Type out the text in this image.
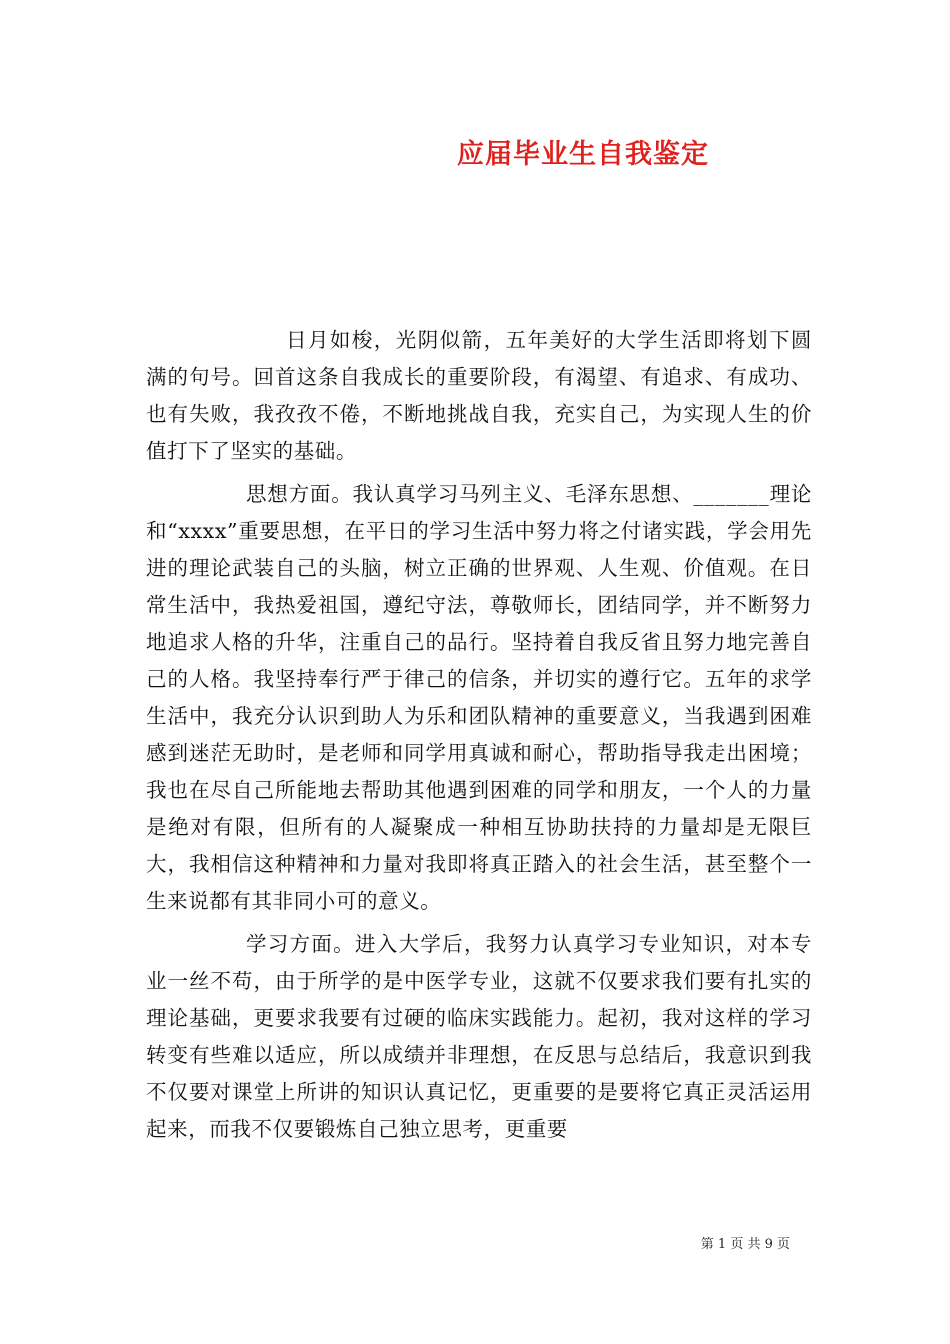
应届毕业生自我鉴定

日月如梭，光阴似箭，五年美好的大学生活即将划下圆满的句号。回首这条自我成长的重要阶段，有渴望、有追求、有成功、也有失败，我孜孜不倦，不断地挑战自我，充实自己，为实现人生的价值打下了坚实的基础。

思想方面。我认真学习马列主义、毛泽东思想、_______理论和“xxxx”重要思想，在平日的学习生活中努力将之付诸实践，学会用先进的理论武装自己的头脑，树立正确的世界观、人生观、价值观。在日常生活中，我热爱祖国，遵纪守法，尊敬师长，团结同学，并不断努力地追求人格的升华，注重自己的品行。坚持着自我反省且努力地完善自己的人格。我坚持奉行严于律己的信条，并切实的遵行它。五年的求学生活中，我充分认识到助人为乐和团队精神的重要意义，当我遇到困难感到迷茫无助时，是老师和同学用真诚和耐心，帮助指导我走出困境；我也在尽自己所能地去帮助其他遇到困难的同学和朋友，一个人的力量是绝对有限，但所有的人凝聚成一种相互协助扶持的力量却是无限巨大，我相信这种精神和力量对我即将真正踏入的社会生活，甚至整个一生来说都有其非同小可的意义。

学习方面。进入大学后，我努力认真学习专业知识，对本专业一丝不苟，由于所学的是中医学专业，这就不仅要求我们要有扎实的理论基础，更要求我要有过硬的临床实践能力。起初，我对这样的学习转变有些难以适应，所以成绩并非理想，在反思与总结后，我意识到我不仅要对课堂上所讲的知识认真记忆，更重要的是要将它真正灵活运用起来，而我不仅要锻炼自己独立思考，更重要

第 1 页 共 9 页
